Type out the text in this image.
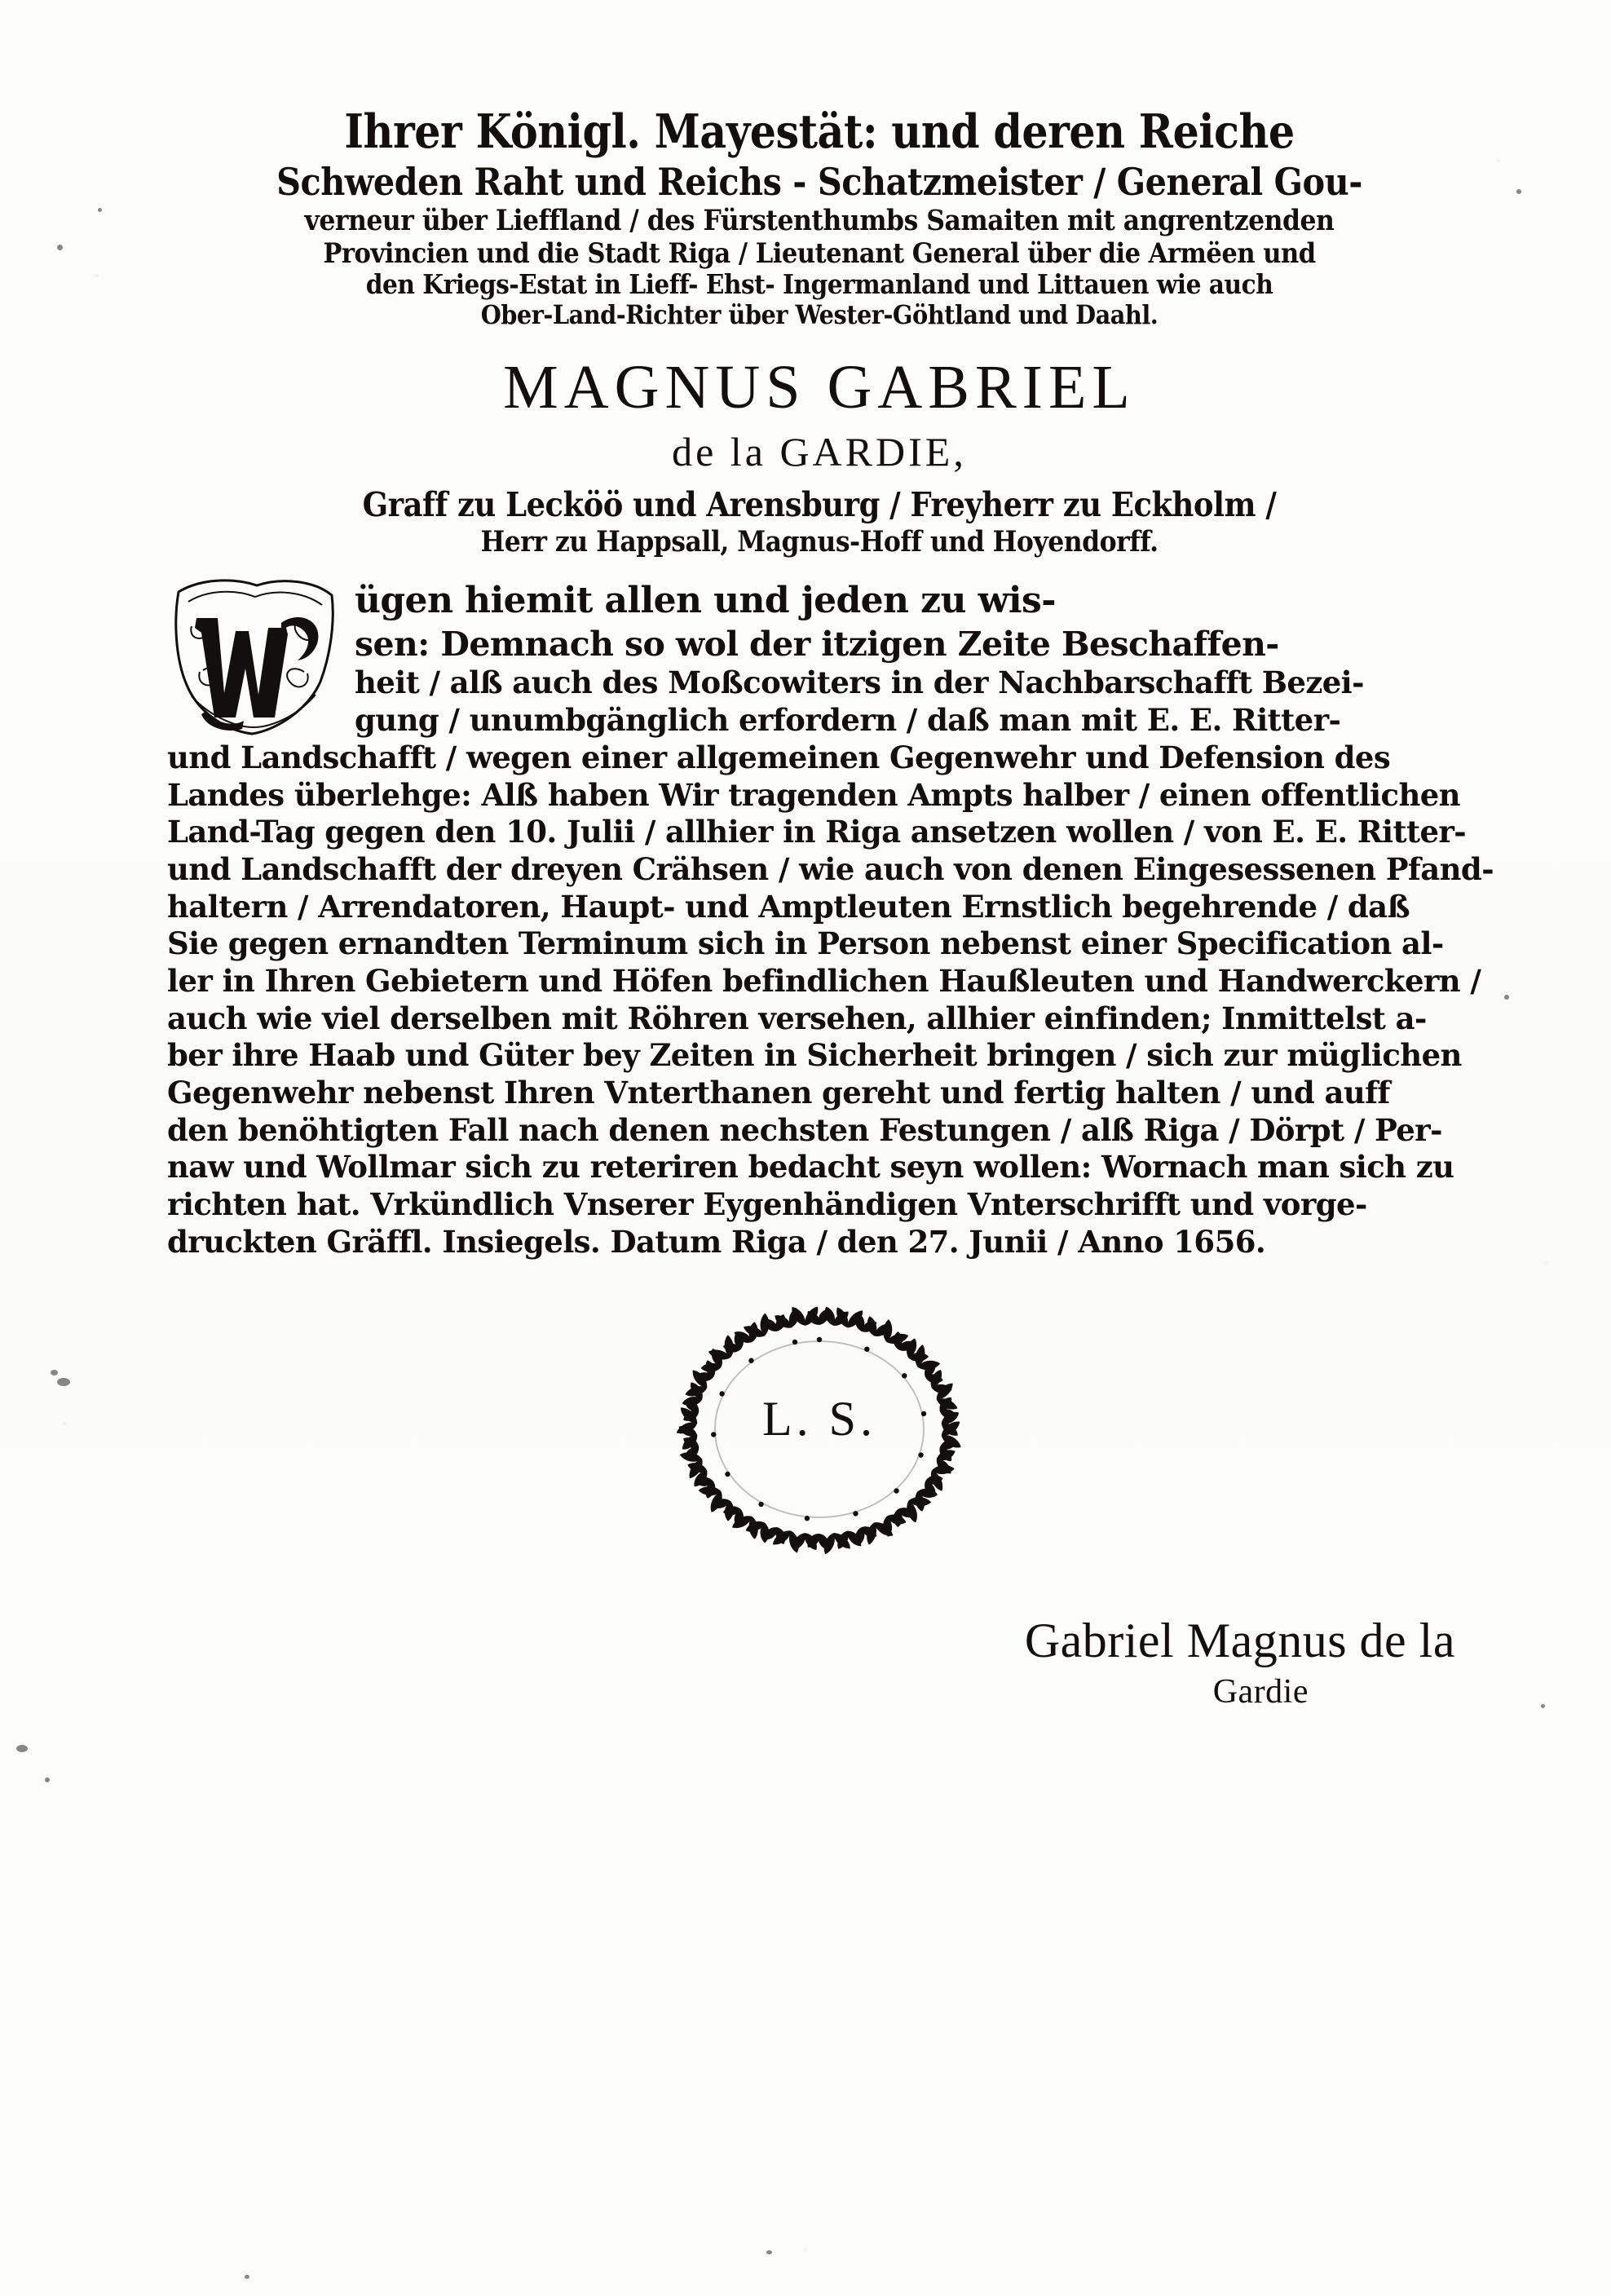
Ihrer Königl. Mayestät: und deren Reiche
Schweden Raht und Reichs - Schatzmeister / General Gou-
verneur über Lieffland / des Fürstenthumbs Samaiten mit angrentzenden
Provincien und die Stadt Riga / Lieutenant General über die Armëen und
den Kriegs-Estat in Lieff- Ehst- Ingermanland und Littauen wie auch
Ober-Land-Richter über Wester-Göhtland und Daahl.
MAGNUS GABRIEL
de la GARDIE,
Graff zu Lecköö und Arensburg / Freyherr zu Eckholm /
Herr zu Happsall, Magnus-Hoff und Hoyendorff.
ügen hiemit allen und jeden zu wis-
sen: Demnach so wol der itzigen Zeite Beschaffen-
heit / alß auch des Moßcowiters in der Nachbarschafft Bezei-
gung / unumbgänglich erfordern / daß man mit E. E. Ritter-
und Landschafft / wegen einer allgemeinen Gegenwehr und Defension des
Landes überlehge: Alß haben Wir tragenden Ampts halber / einen offentlichen
Land-Tag gegen den 10. Julii / allhier in Riga ansetzen wollen / von E. E. Ritter-
und Landschafft der dreyen Crähsen / wie auch von denen Eingesessenen Pfand-
haltern / Arrendatoren, Haupt- und Amptleuten Ernstlich begehrende / daß
Sie gegen ernandten Terminum sich in Person nebenst einer Specification al-
ler in Ihren Gebietern und Höfen befindlichen Haußleuten und Handwerckern /
auch wie viel derselben mit Röhren versehen, allhier einfinden; Inmittelst a-
ber ihre Haab und Güter bey Zeiten in Sicherheit bringen / sich zur müglichen
Gegenwehr nebenst Ihren Vnterthanen gereht und fertig halten / und auff
den benöhtigten Fall nach denen nechsten Festungen / alß Riga / Dörpt / Per-
naw und Wollmar sich zu reteriren bedacht seyn wollen: Wornach man sich zu
richten hat. Vrkündlich Vnserer Eygenhändigen Vnterschrifft und vorge-
druckten Gräffl. Insiegels. Datum Riga / den 27. Junii / Anno 1656.
L. S.
Gabriel Magnus de la
Gardie
